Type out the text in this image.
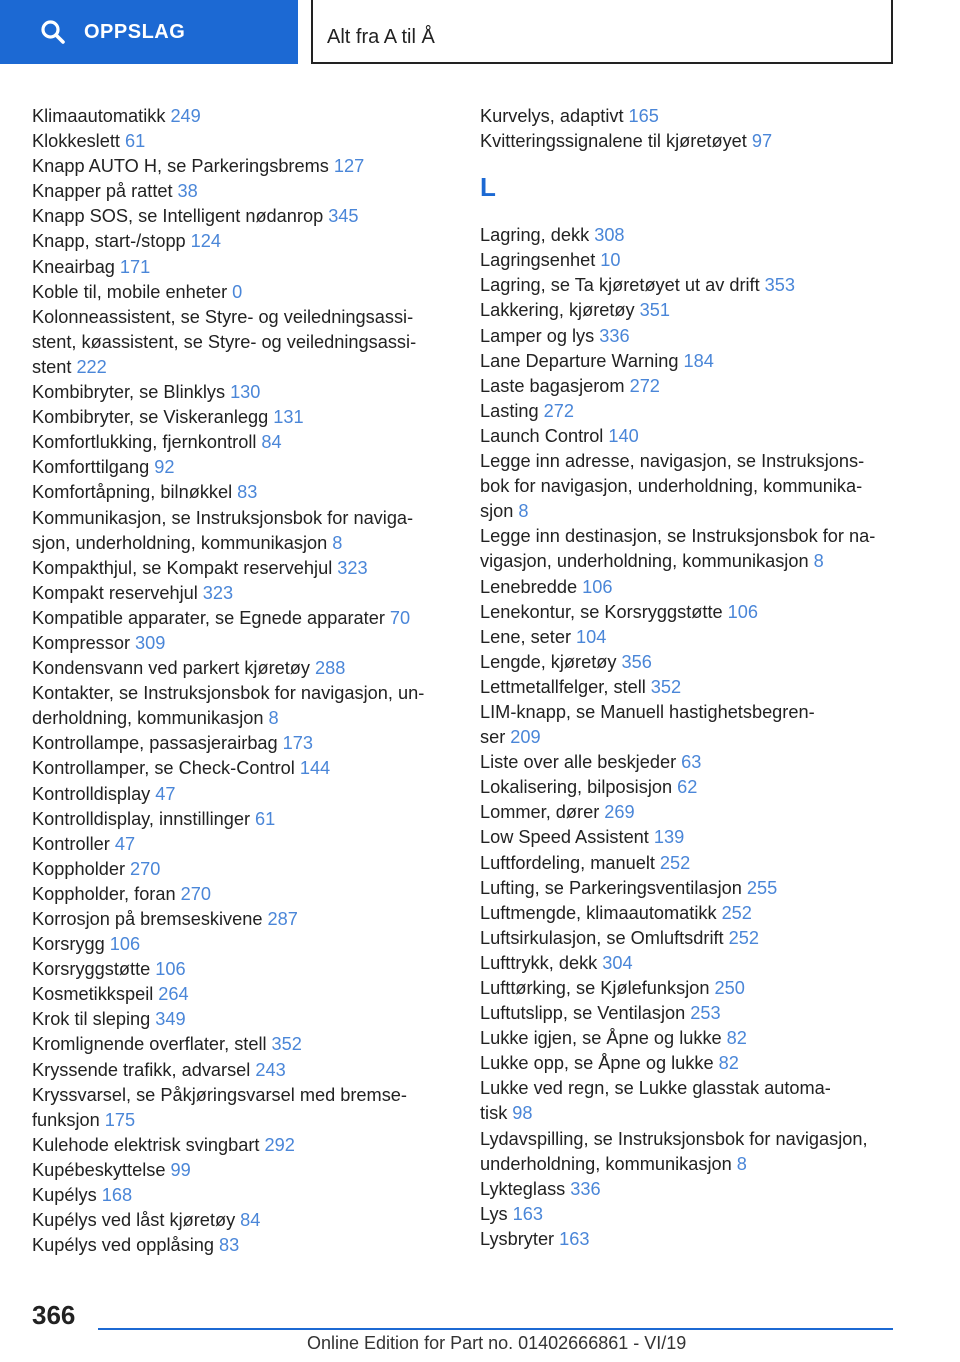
OPPSLAG	Alt fra A til Å
Klimaautomatikk 249
Klokkeslett 61
Knapp AUTO H, se Parkeringsbrems 127
Knapper på rattet 38
Knapp SOS, se Intelligent nødanrop 345
Knapp, start-/stopp 124
Kneairbag 171
Koble til, mobile enheter 0
Kolonneassistent, se Styre- og veiledningsassi-
stent, køassistent, se Styre- og veiledningsassi-
stent 222
Kombibryter, se Blinklys 130
Kombibryter, se Viskeranlegg 131
Komfortlukking, fjernkontroll 84
Komforttilgang 92
Komfortåpning, bilnøkkel 83
Kommunikasjon, se Instruksjonsbok for naviga-
sjon, underholdning, kommunikasjon 8
Kompakthjul, se Kompakt reservehjul 323
Kompakt reservehjul 323
Kompatible apparater, se Egnede apparater 70
Kompressor 309
Kondensvann ved parkert kjøretøy 288
Kontakter, se Instruksjonsbok for navigasjon, un-
derholdning, kommunikasjon 8
Kontrollampe, passasjerairbag 173
Kontrollamper, se Check-Control 144
Kontrolldisplay 47
Kontrolldisplay, innstillinger 61
Kontroller 47
Koppholder 270
Koppholder, foran 270
Korrosjon på bremseskivene 287
Korsrygg 106
Korsryggstøtte 106
Kosmetikkspeil 264
Krok til sleping 349
Kromlignende overflater, stell 352
Kryssende trafikk, advarsel 243
Kryssvarsel, se Påkjøringsvarsel med bremse-
funksjon 175
Kulehode elektrisk svingbart 292
Kupébeskyttelse 99
Kupélys 168
Kupélys ved låst kjøretøy 84
Kupélys ved opplåsing 83
Kurvelys, adaptivt 165
Kvitteringssignalene til kjøretøyet 97
L
Lagring, dekk 308
Lagringsenhet 10
Lagring, se Ta kjøretøyet ut av drift 353
Lakkering, kjøretøy 351
Lamper og lys 336
Lane Departure Warning 184
Laste bagasjerom 272
Lasting 272
Launch Control 140
Legge inn adresse, navigasjon, se Instruksjons-
bok for navigasjon, underholdning, kommunika-
sjon 8
Legge inn destinasjon, se Instruksjonsbok for na-
vigasjon, underholdning, kommunikasjon 8
Lenebredde 106
Lenekontur, se Korsryggstøtte 106
Lene, seter 104
Lengde, kjøretøy 356
Lettmetallfelger, stell 352
LIM-knapp, se Manuell hastighetsbegren-
ser 209
Liste over alle beskjeder 63
Lokalisering, bilposisjon 62
Lommer, dører 269
Low Speed Assistent 139
Luftfordeling, manuelt 252
Lufting, se Parkeringsventilasjon 255
Luftmengde, klimaautomatikk 252
Luftsirkulasjon, se Omluftsdrift 252
Lufttrykk, dekk 304
Lufttørking, se Kjølefunksjon 250
Luftutslipp, se Ventilasjon 253
Lukke igjen, se Åpne og lukke 82
Lukke opp, se Åpne og lukke 82
Lukke ved regn, se Lukke glasstak automa-
tisk 98
Lydavspilling, se Instruksjonsbok for navigasjon,
underholdning, kommunikasjon 8
Lykteglass 336
Lys 163
Lysbryter 163
366
Online Edition for Part no. 01402666861 - VI/19
